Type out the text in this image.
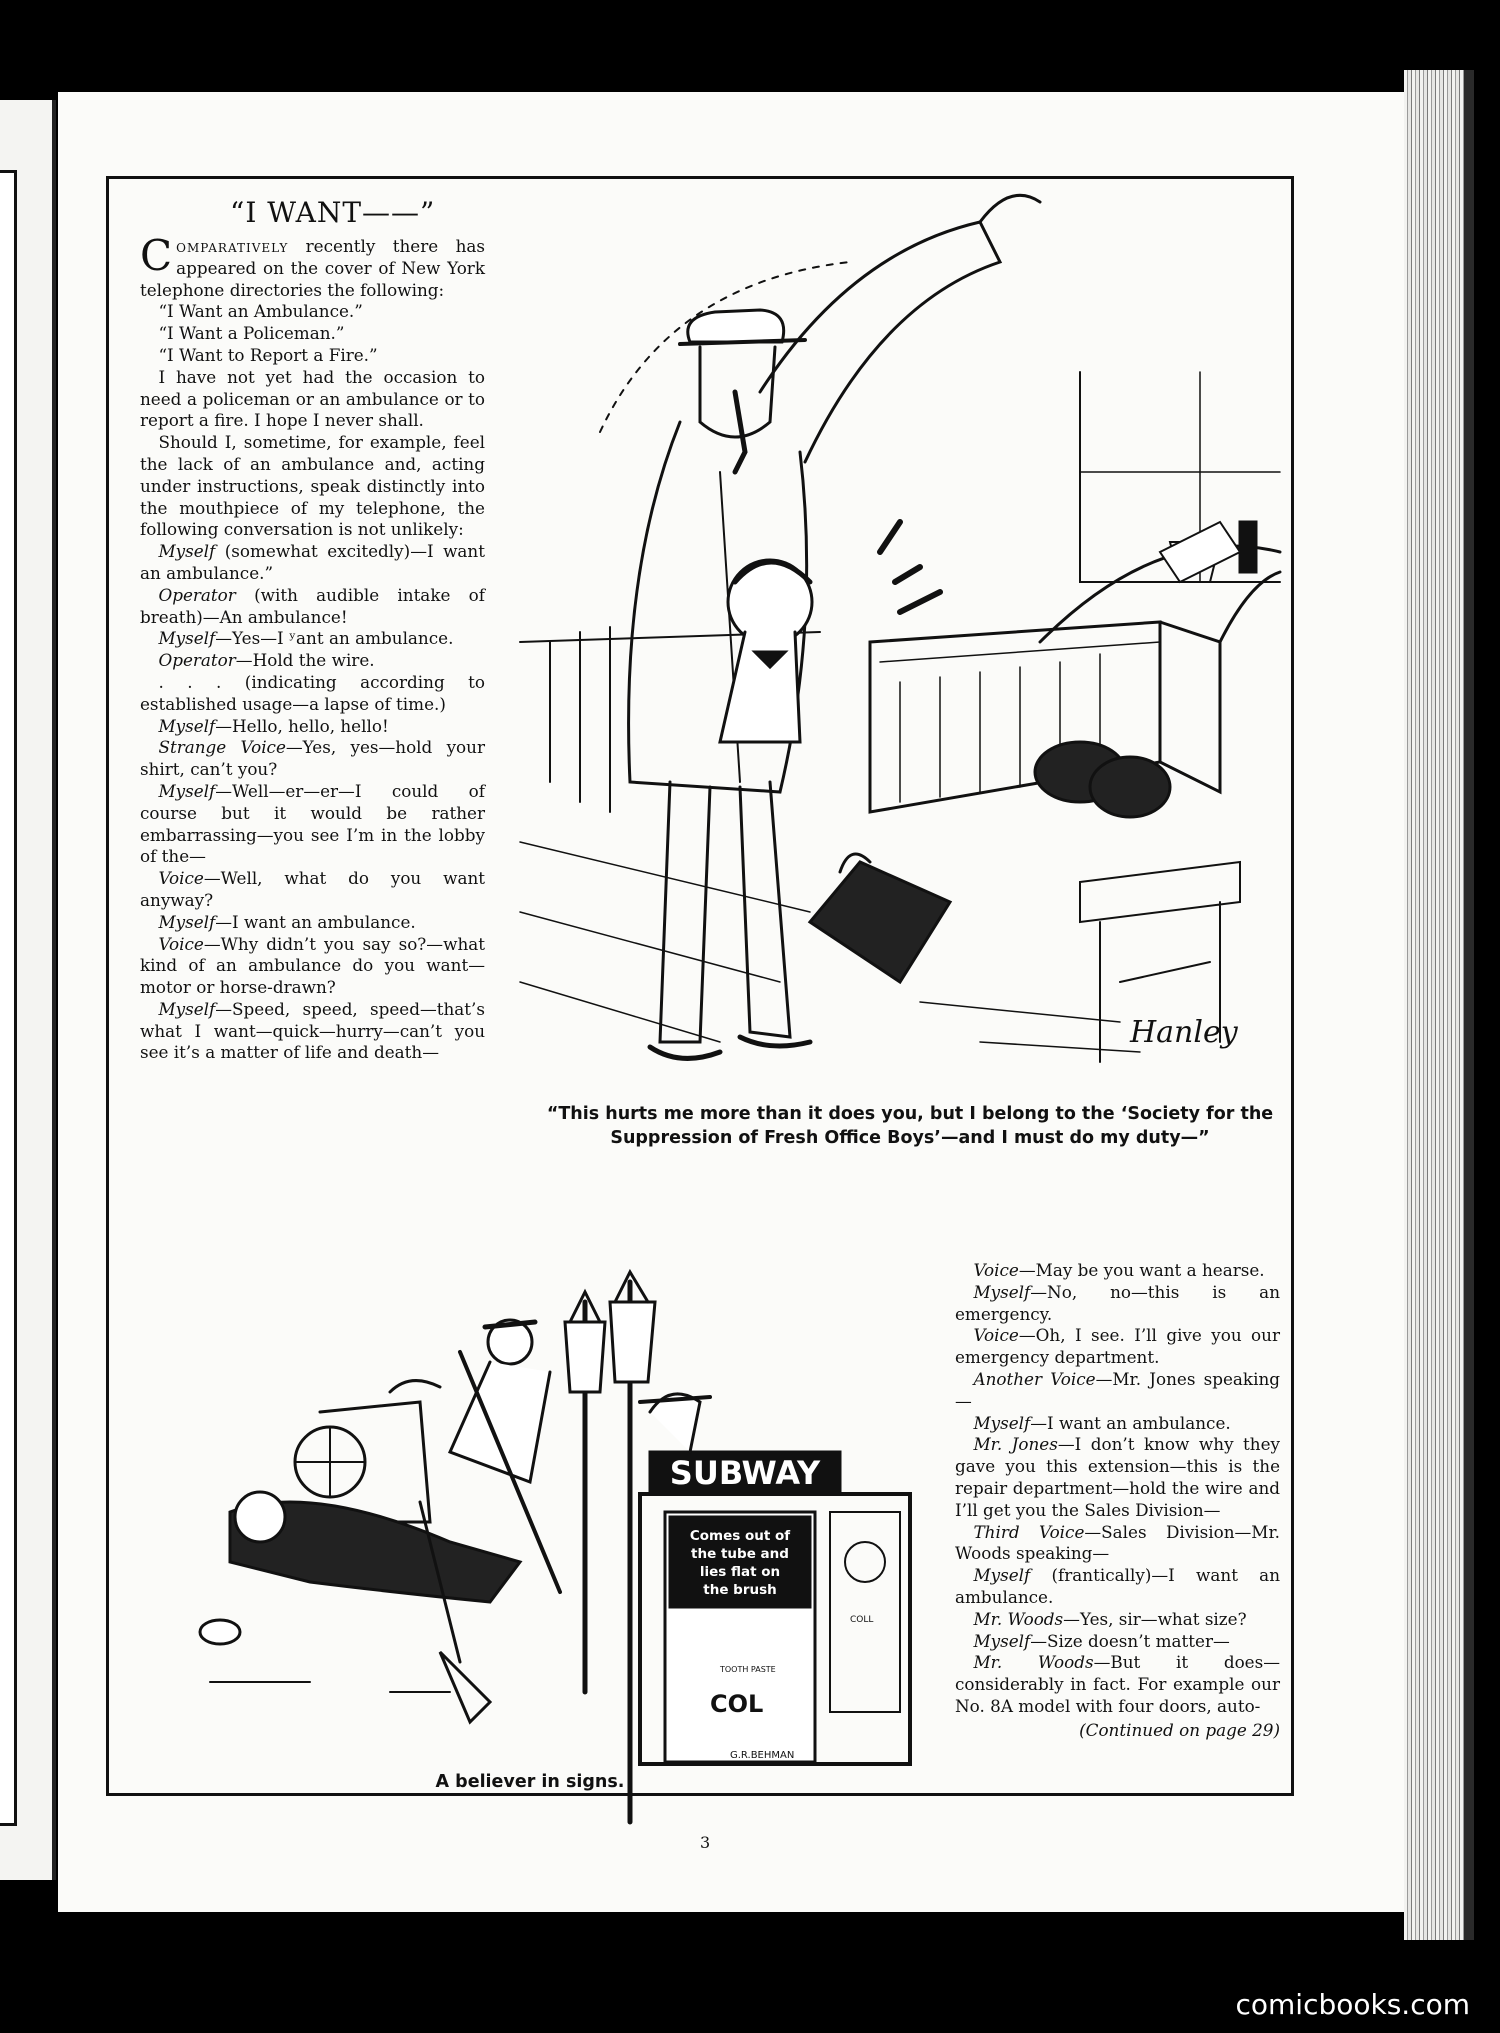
“I WANT——”

Comparatively recently there has appeared on the cover of New York telephone directories the following:

“I Want an Ambulance.”

“I Want a Policeman.”

“I Want to Report a Fire.”

I have not yet had the occasion to need a policeman or an ambulance or to report a fire. I hope I never shall.

Should I, sometime, for example, feel the lack of an ambulance and, acting under instructions, speak distinctly into the mouthpiece of my telephone, the following conversation is not unlikely:

Myself (somewhat excitedly)—I want an ambulance.”

Operator (with audible intake of breath)—An ambulance!

Myself—Yes—I ʸant an ambulance.

Operator—Hold the wire.

. . . (indicating according to established usage—a lapse of time.)

Myself—Hello, hello, hello!

Strange Voice—Yes, yes—hold your shirt, can’t you?

Myself—Well—er—er—I could of course but it would be rather embarrassing—you see I’m in the lobby of the—

Voice—Well, what do you want anyway?

Myself—I want an ambulance.

Voice—Why didn’t you say so?—what kind of an ambulance do you want—motor or horse-drawn?

Myself—Speed, speed, speed—that’s what I want—quick—hurry—can’t you see it’s a matter of life and death—

Voice—May be you want a hearse.

Myself—No, no—this is an emergency.

Voice—Oh, I see. I’ll give you our emergency department.

Another Voice—Mr. Jones speaking—

Myself—I want an ambulance.

Mr. Jones—I don’t know why they gave you this extension—this is the repair department—hold the wire and I’ll get you the Sales Division—

Third Voice—Sales Division—Mr. Woods speaking—

Myself (frantically)—I want an ambulance.

Mr. Woods—Yes, sir—what size?

Myself—Size doesn’t matter—

Mr. Woods—But it does—considerably in fact. For example our No. 8A model with four doors, auto-

(Continued on page 29)
Hanley
“This hurts me more than it does you, but I belong to the ‘Society for the Suppression of Fresh Office Boys’—and I must do my duty—”
SUBWAY
Comes out of the tube and lies flat on the brush
TOOTH PASTE
COL
COLL
G.R.BEHMAN
A believer in signs.
3
comicbooks.com
